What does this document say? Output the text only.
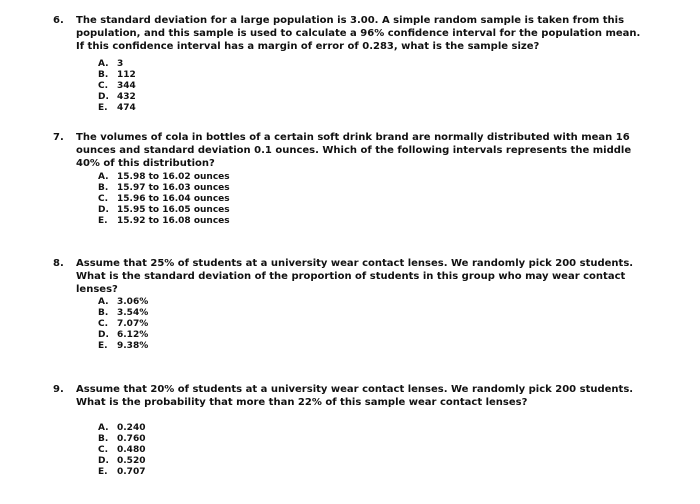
6. The standard deviation for a large population is 3.00. A simple random sample is taken from this population, and this sample is used to calculate a 96% confidence interval for the population mean. If this confidence interval has a margin of error of 0.283, what is the sample size?

A. 3
B. 112
C. 344
D. 432
E.	474
7. The volumes of cola in bottles of a certain soft drink brand are normally distributed with mean 16 ounces and standard deviation 0.1 ounces. Which of the following intervals represents the middle 40% of this distribution?

A. 15.98 to 16.02 ounces
B. 15.97 to 16.03 ounces
C. 15.96 to 16.04 ounces
D. 15.95 to 16.05 ounces
E.	15.92 to 16.08 ounces
8. Assume that 25% of students at a university wear contact lenses. We randomly pick 200 students. What is the standard deviation of the proportion of students in this group who may wear contact lenses?

A. 3.06%
B. 3.54%
C. 7.07%
D. 6.12%
E.	9.38%
9. Assume that 20% of students at a university wear contact lenses. We randomly pick 200 students. What is the probability that more than 22% of this sample wear contact lenses?

A. 0.240
B. 0.760
C. 0.480
D. 0.520
E.	0.707
